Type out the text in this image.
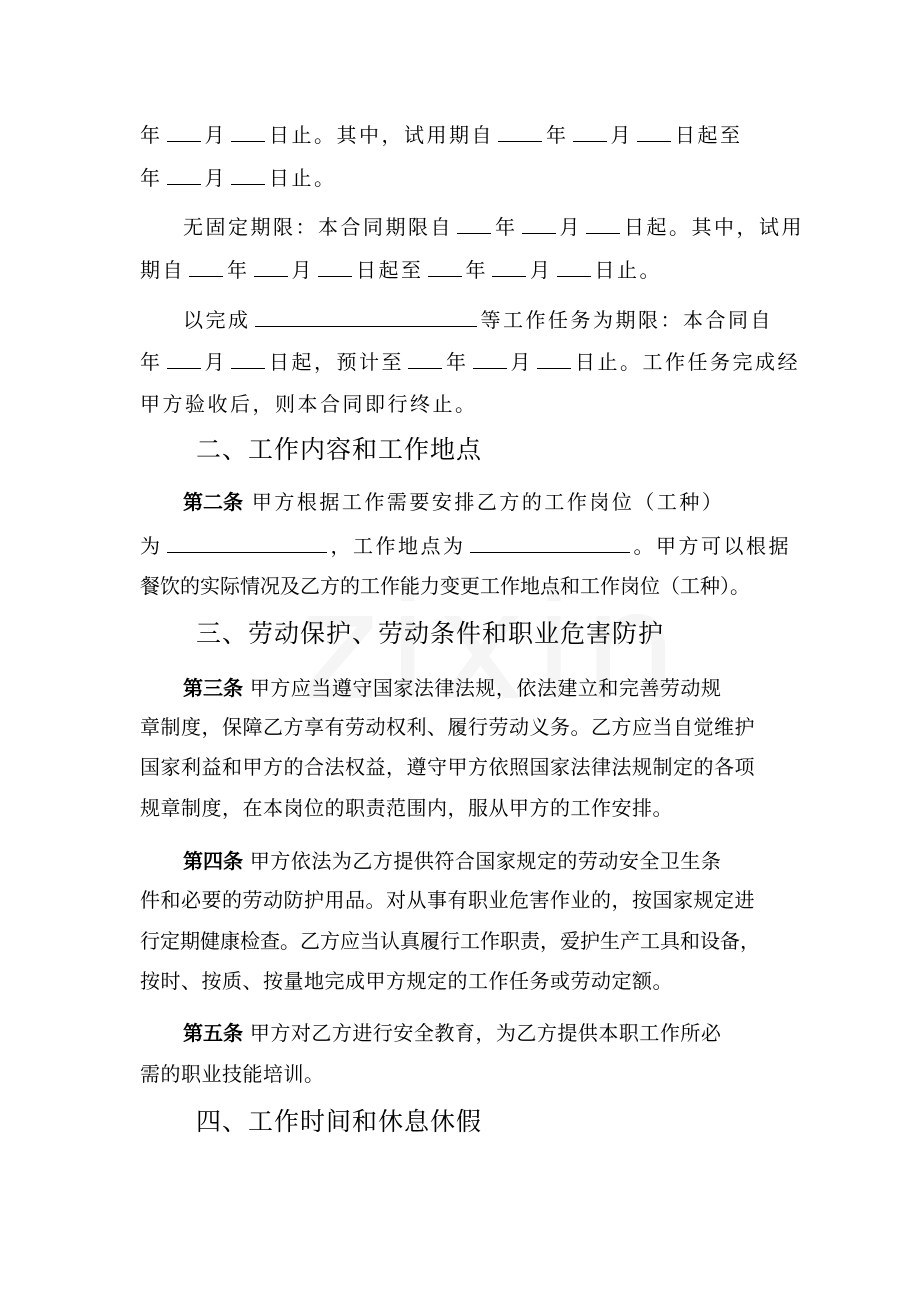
年 月 日止。其中，试用期自	年 月 日起至
年 月 日止。
无固定期限：本合同期限自 年 月 日起。其中，试用
期自 年 月 日起至 年 月 日止。
以完成	等工作任务为期限：本合同自
年 月 日起，预计至 年 月 日止。工作任务完成经
甲方验收后，则本合同即行终止。
二、工作内容和工作地点
第二条 甲方根据工作需要安排乙方的工作岗位（工种）
为	，工作地点为	。甲方可以根据
餐饮的实际情况及乙方的工作能力变更工作地点和工作岗位（工种）。
三、劳动保护、劳动条件和职业危害防护
第三条 甲方应当遵守国家法律法规，依法建立和完善劳动规
章制度，保障乙方享有劳动权利、履行劳动义务。乙方应当自觉维护
国家利益和甲方的合法权益，遵守甲方依照国家法律法规制定的各项
规章制度，在本岗位的职责范围内，服从甲方的工作安排。
第四条 甲方依法为乙方提供符合国家规定的劳动安全卫生条
件和必要的劳动防护用品。对从事有职业危害作业的，按国家规定进
行定期健康检查。乙方应当认真履行工作职责，爱护生产工具和设备，
按时、按质、按量地完成甲方规定的工作任务或劳动定额。
第五条 甲方对乙方进行安全教育，为乙方提供本职工作所必
需的职业技能培训。
四、工作时间和休息休假
